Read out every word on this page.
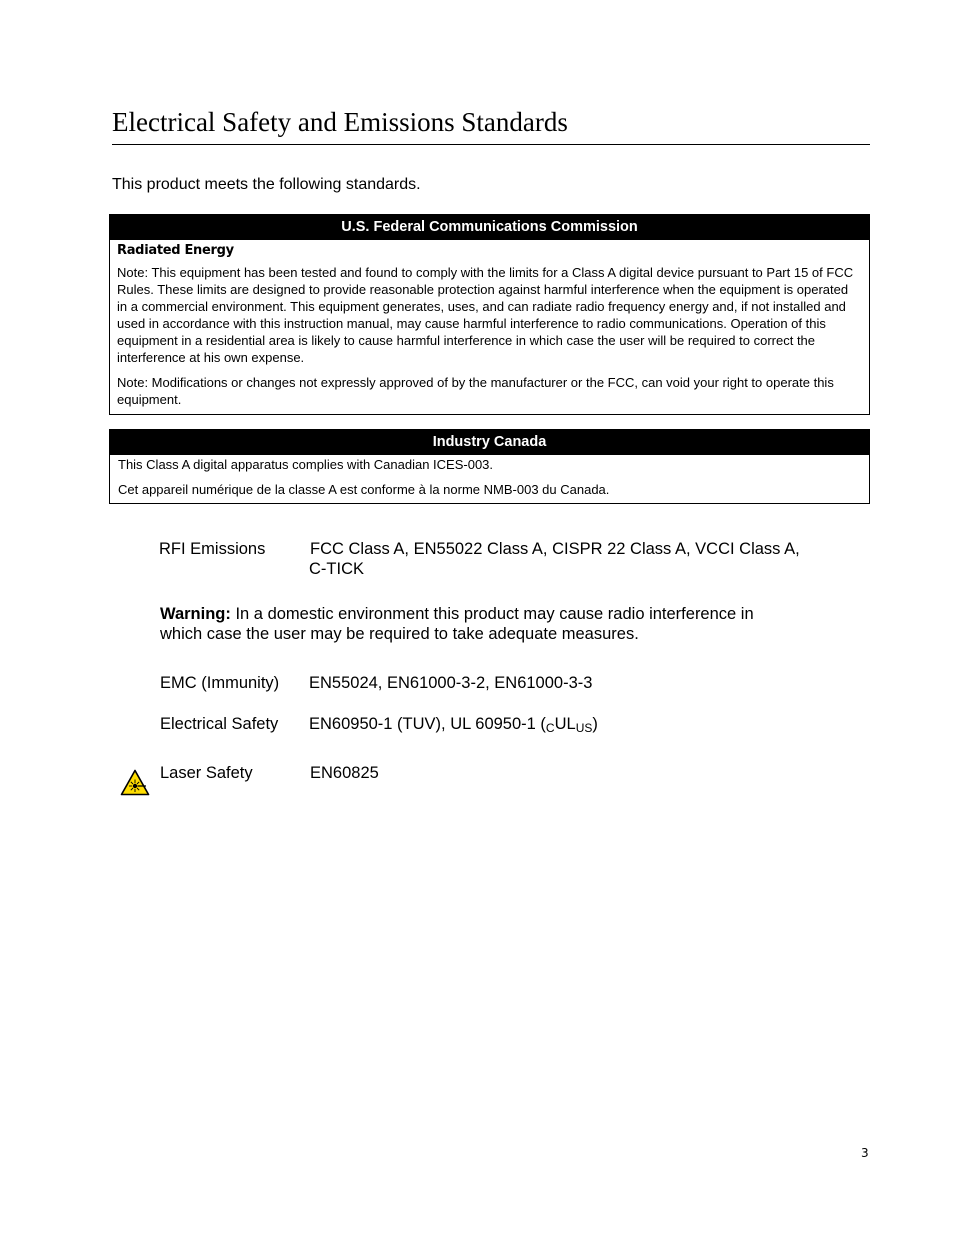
Electrical Safety and Emissions Standards
This product meets the following standards.
U.S. Federal Communications Commission
Radiated Energy

Note: This equipment has been tested and found to comply with the limits for a Class A digital device pursuant to Part 15 of FCC Rules. These limits are designed to provide reasonable protection against harmful interference when the equipment is operated in a commercial environment. This equipment generates, uses, and can radiate radio frequency energy and, if not installed and used in accordance with this instruction manual, may cause harmful interference to radio communications. Operation of this equipment in a residential area is likely to cause harmful interference in which case the user will be required to correct the interference at his own expense.

Note: Modifications or changes not expressly approved of by the manufacturer or the FCC, can void your right to operate this equipment.

Industry Canada

This Class A digital apparatus complies with Canadian ICES-003.

Cet appareil numérique de la classe A est conforme à la norme NMB-003 du Canada.

RFI Emissions	FCC Class A, EN55022 Class A, CISPR 22 Class A, VCCI Class A,
C-TICK
Warning: In a domestic environment this product may cause radio interference in which case the user may be required to take adequate measures.
EMC (Immunity) EN55024, EN61000-3-2, EN61000-3-3
Electrical Safety EN60950-1 (TUV), UL 60950-1 $(_CUL_{US})$
Laser Safety	EN60825
3
